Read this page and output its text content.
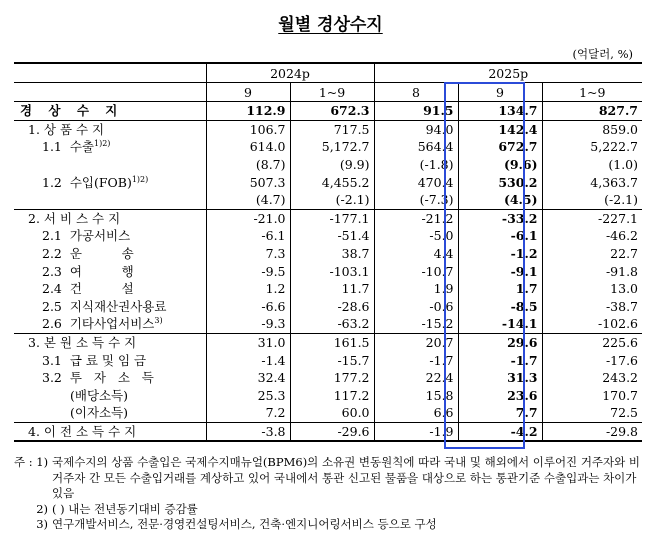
월별 경상수지
(억달러, %)
	2024p		2025p		
	9	1~9	8	9	1~9
경 상 수 지	112.9	672.3	91.5	134.7	827.7
1. 상 품 수 지	106.7	717.5	94.0	142.4	859.0
1.1  수출$^{1)2)}$	614.0	5,172.7	564.4	672.7	5,222.7
	(8.7)	(9.9)	(-1.8)	(9.6)	(1.0)
1.2  수입(FOB)$^{1)2)}$	507.3	4,455.2	470.4	530.2	4,363.7
	(4.7)	(-2.1)	(-7.3)	(4.5)	(-2.1)
2. 서 비 스 수 지	-21.0	-177.1	-21.2	-33.2	-227.1
2.1  가공서비스	-6.1	-51.4	-5.0	-6.1	-46.2
2.2  운          송	7.3	38.7	4.4	-1.2	22.7
2.3  여          행	-9.5	-103.1	-10.7	-9.1	-91.8
2.4  건          설	1.2	11.7	1.9	1.7	13.0
2.5  지식재산권사용료	-6.6	-28.6	-0.6	-8.5	-38.7
2.6  기타사업서비스$^{3)}$	-9.3	-63.2	-15.2	-14.1	-102.6
3. 본 원 소 득 수 지	31.0	161.5	20.7	29.6	225.6
3.1  급 료 및 임 금	-1.4	-15.7	-1.7	-1.7	-17.6
3.2  투   자   소   득	32.4	177.2	22.4	31.3	243.2
(배당소득)	25.3	117.2	15.8	23.6	170.7
(이자소득)	7.2	60.0	6.6	7.7	72.5
4. 이 전 소 득 수 지	-3.8	-29.6	-1.9	-4.2	-29.8
주 : 1) 국제수지의 상품 수출입은 국제수지매뉴얼(BPM6)의 소유권 변동원칙에 따라 국내 및 해외에서 이루어진 거주자와 비거주자 간 모든 수출입거래를 계상하고 있어 국내에서 통관 신고된 물품을 대상으로 하는 통관기준 수출입과는 차이가 있음
2) ( ) 내는 전년동기대비 증감률
3) 연구개발서비스, 전문·경영컨설팅서비스, 건축·엔지니어링서비스 등으로 구성
